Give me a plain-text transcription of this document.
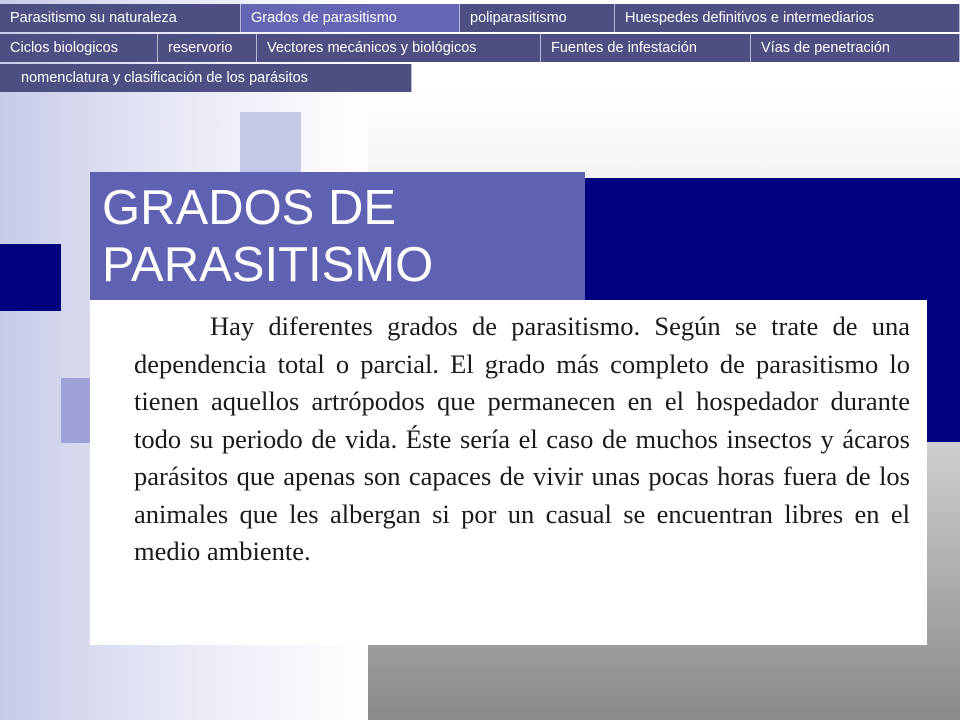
Parasitismo su naturaleza	Grados de parasitismo	poliparasitismo	Huespedes definitivos e intermediarios
Ciclos biologicos	reservorio	Vectores mecánicos y biológicos	Fuentes de infestación	Vías de penetración
nomenclatura y clasificación de los parásitos
GRADOS DE PARASITISMO

Hay diferentes grados de parasitismo. Según se trate de una dependencia total o parcial. El grado más completo de parasitismo lo tienen aquellos artrópodos que permanecen en el hospedador durante todo su periodo de vida. Éste sería el caso de muchos insectos y ácaros parásitos que apenas son capaces de vivir unas pocas horas fuera de los animales que les albergan si por un casual se encuentran libres en el medio ambiente.
